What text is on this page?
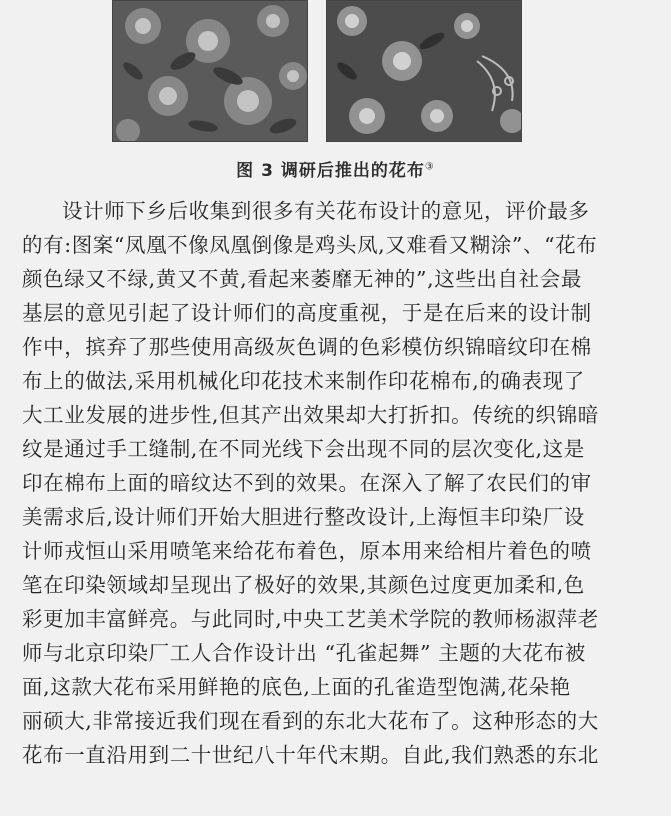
图 3 调研后推出的花布③

设计师下乡后收集到很多有关花布设计的意见，评价最多
的有:图案“凤凰不像凤凰倒像是鸡头凤,又难看又糊涂”、“花布
颜色绿又不绿,黄又不黄,看起来萎靡无神的”,这些出自社会最
基层的意见引起了设计师们的高度重视，于是在后来的设计制
作中，摈弃了那些使用高级灰色调的色彩模仿织锦暗纹印在棉
布上的做法,采用机械化印花技术来制作印花棉布,的确表现了
大工业发展的进步性,但其产出效果却大打折扣。传统的织锦暗
纹是通过手工缝制,在不同光线下会出现不同的层次变化,这是
印在棉布上面的暗纹达不到的效果。在深入了解了农民们的审
美需求后,设计师们开始大胆进行整改设计,上海恒丰印染厂设
计师戎恒山采用喷笔来给花布着色，原本用来给相片着色的喷
笔在印染领域却呈现出了极好的效果,其颜色过度更加柔和,色
彩更加丰富鲜亮。与此同时,中央工艺美术学院的教师杨淑萍老
师与北京印染厂工人合作设计出 “孔雀起舞” 主题的大花布被
面,这款大花布采用鲜艳的底色,上面的孔雀造型饱满,花朵艳
丽硕大,非常接近我们现在看到的东北大花布了。这种形态的大
花布一直沿用到二十世纪八十年代末期。自此,我们熟悉的东北
